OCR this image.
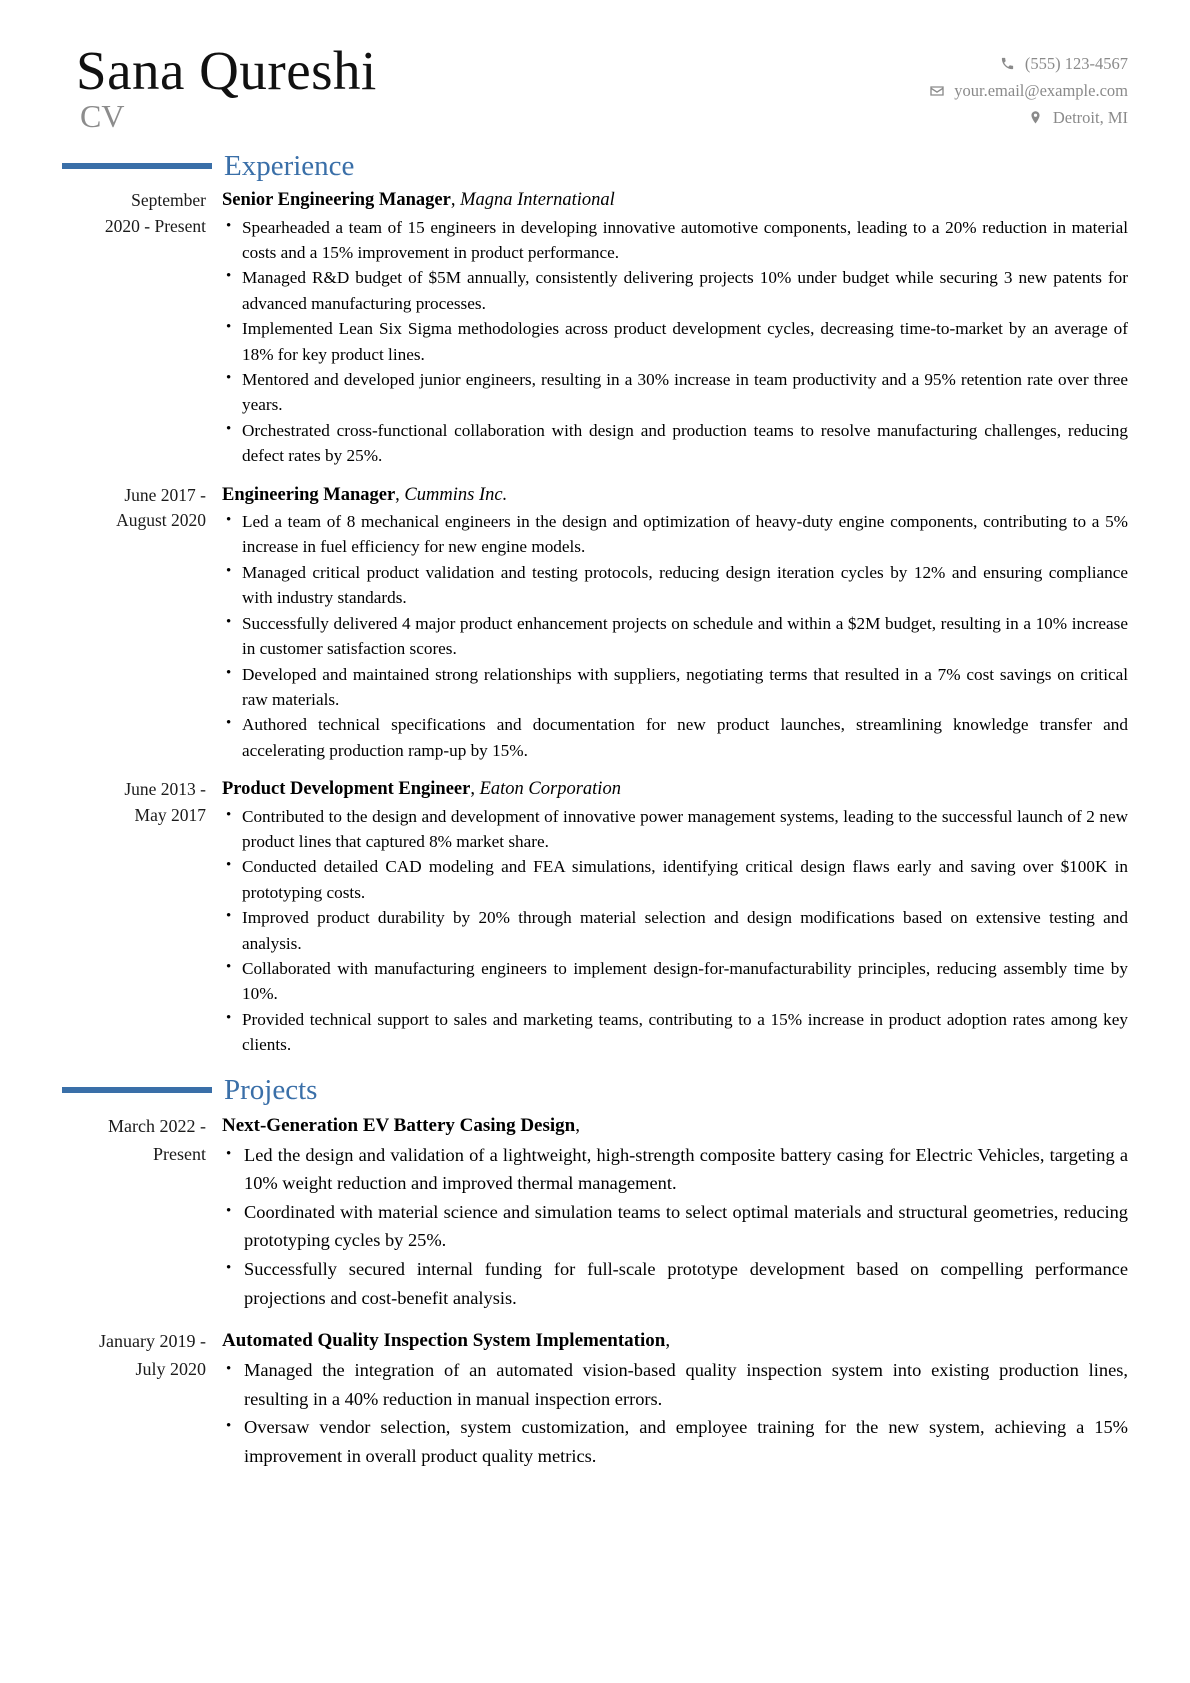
Sana Qureshi
CV
(555) 123-4567
your.email@example.com
Detroit, MI
Experience
September
2020 - Present
Senior Engineering Manager, Magna International
• Spearheaded a team of 15 engineers in developing innovative automotive components, leading to a 20% reduction in material costs and a 15% improvement in product performance.
• Managed R&D budget of $5M annually, consistently delivering projects 10% under budget while securing 3 new patents for advanced manufacturing processes.
• Implemented Lean Six Sigma methodologies across product development cycles, decreasing time-to-market by an average of 18% for key product lines.
• Mentored and developed junior engineers, resulting in a 30% increase in team productivity and a 95% retention rate over three years.
• Orchestrated cross-functional collaboration with design and production teams to resolve manufacturing challenges, reducing defect rates by 25%.
June 2017 -
August 2020
Engineering Manager, Cummins Inc.
• Led a team of 8 mechanical engineers in the design and optimization of heavy-duty engine components, contributing to a 5% increase in fuel efficiency for new engine models.
• Managed critical product validation and testing protocols, reducing design iteration cycles by 12% and ensuring compliance with industry standards.
• Successfully delivered 4 major product enhancement projects on schedule and within a $2M budget, resulting in a 10% increase in customer satisfaction scores.
• Developed and maintained strong relationships with suppliers, negotiating terms that resulted in a 7% cost savings on critical raw materials.
• Authored technical specifications and documentation for new product launches, streamlining knowledge transfer and accelerating production ramp-up by 15%.
June 2013 -
May 2017
Product Development Engineer, Eaton Corporation
• Contributed to the design and development of innovative power management systems, leading to the successful launch of 2 new product lines that captured 8% market share.
• Conducted detailed CAD modeling and FEA simulations, identifying critical design flaws early and saving over $100K in prototyping costs.
• Improved product durability by 20% through material selection and design modifications based on extensive testing and analysis.
• Collaborated with manufacturing engineers to implement design-for-manufacturability principles, reducing assembly time by 10%.
• Provided technical support to sales and marketing teams, contributing to a 15% increase in product adoption rates among key clients.
Projects
March 2022 -
Present
Next-Generation EV Battery Casing Design,
• Led the design and validation of a lightweight, high-strength composite battery casing for Electric Vehicles, targeting a 10% weight reduction and improved thermal management.
• Coordinated with material science and simulation teams to select optimal materials and structural geometries, reducing prototyping cycles by 25%.
• Successfully secured internal funding for full-scale prototype development based on compelling performance projections and cost-benefit analysis.
January 2019 -
July 2020
Automated Quality Inspection System Implementation,
• Managed the integration of an automated vision-based quality inspection system into existing production lines, resulting in a 40% reduction in manual inspection errors.
• Oversaw vendor selection, system customization, and employee training for the new system, achieving a 15% improvement in overall product quality metrics.
